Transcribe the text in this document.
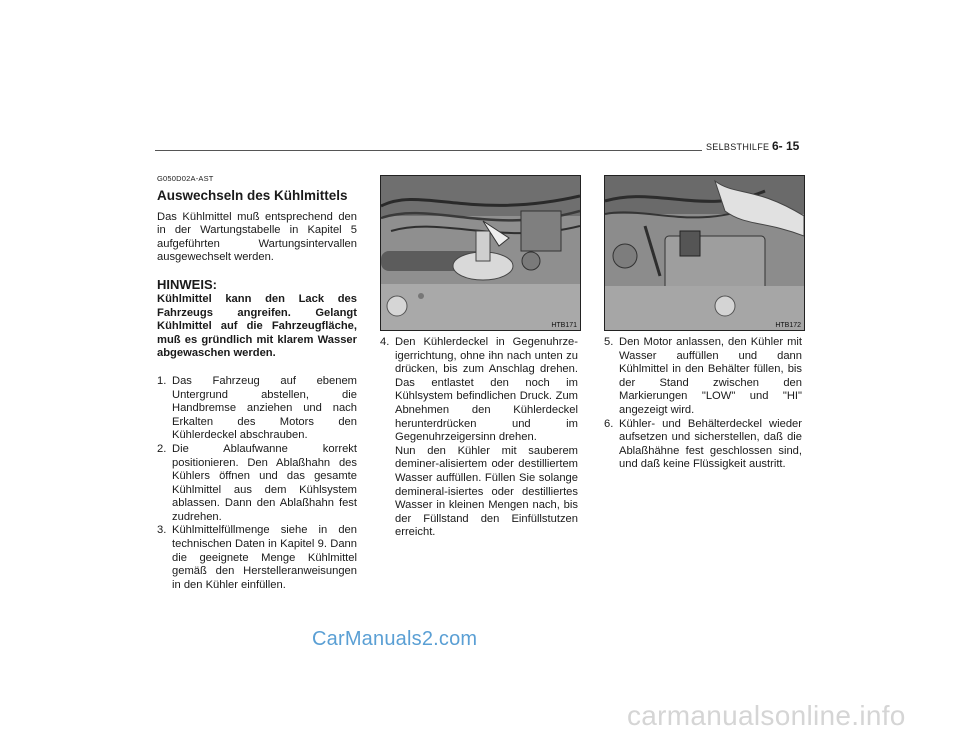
SELBSTHILFE 6- 15
G050D02A-AST
Auswechseln des Kühlmittels

Das Kühlmittel muß entsprechend den in der Wartungstabelle in Kapitel 5 aufgeführten Wartungsintervallen ausgewechselt werden.

HINWEIS:

Kühlmittel kann den Lack des Fahrzeugs angreifen. Gelangt Kühlmittel auf die Fahrzeugfläche, muß es gründlich mit klarem Wasser abgewaschen werden.

1. Das Fahrzeug auf ebenem Untergrund abstellen, die Handbremse anziehen und nach Erkalten des Motors den Kühlerdeckel abschrauben.
2. Die Ablaufwanne korrekt positionieren. Den Ablaßhahn des Kühlers öffnen und das gesamte Kühlmittel aus dem Kühlsystem ablassen. Dann den Ablaßhahn fest zudrehen.
3. Kühlmittelfüllmenge siehe in den technischen Daten in Kapitel 9. Dann die geeignete Menge Kühlmittel gemäß den Herstelleranweisungen in den Kühler einfüllen.
HTB171	HTB172
4. Den Kühlerdeckel in Gegenuhrze-igerrichtung, ohne ihn nach unten zu drücken, bis zum Anschlag drehen. Das entlastet den noch im Kühlsystem befindlichen Druck. Zum Abnehmen den Kühlerdeckel herunterdrücken und im Gegenuhrzeigersinn drehen.
Nun den Kühler mit sauberem deminer-alisiertem oder destilliertem Wasser auffüllen. Füllen Sie solange demineral-isiertes oder destilliertes Wasser in kleinen Mengen nach, bis der Füllstand den Einfüllstutzen erreicht.
5. Den Motor anlassen, den Kühler mit Wasser auffüllen und dann Kühlmittel in den Behälter füllen, bis der Stand zwischen den Markierungen "LOW" und "HI" angezeigt wird.
6. Kühler- und Behälterdeckel wieder aufsetzen und sicherstellen, daß die Ablaßhähne fest geschlossen sind, und daß keine Flüssigkeit austritt.
CarManuals2.com
carmanualsonline.info
